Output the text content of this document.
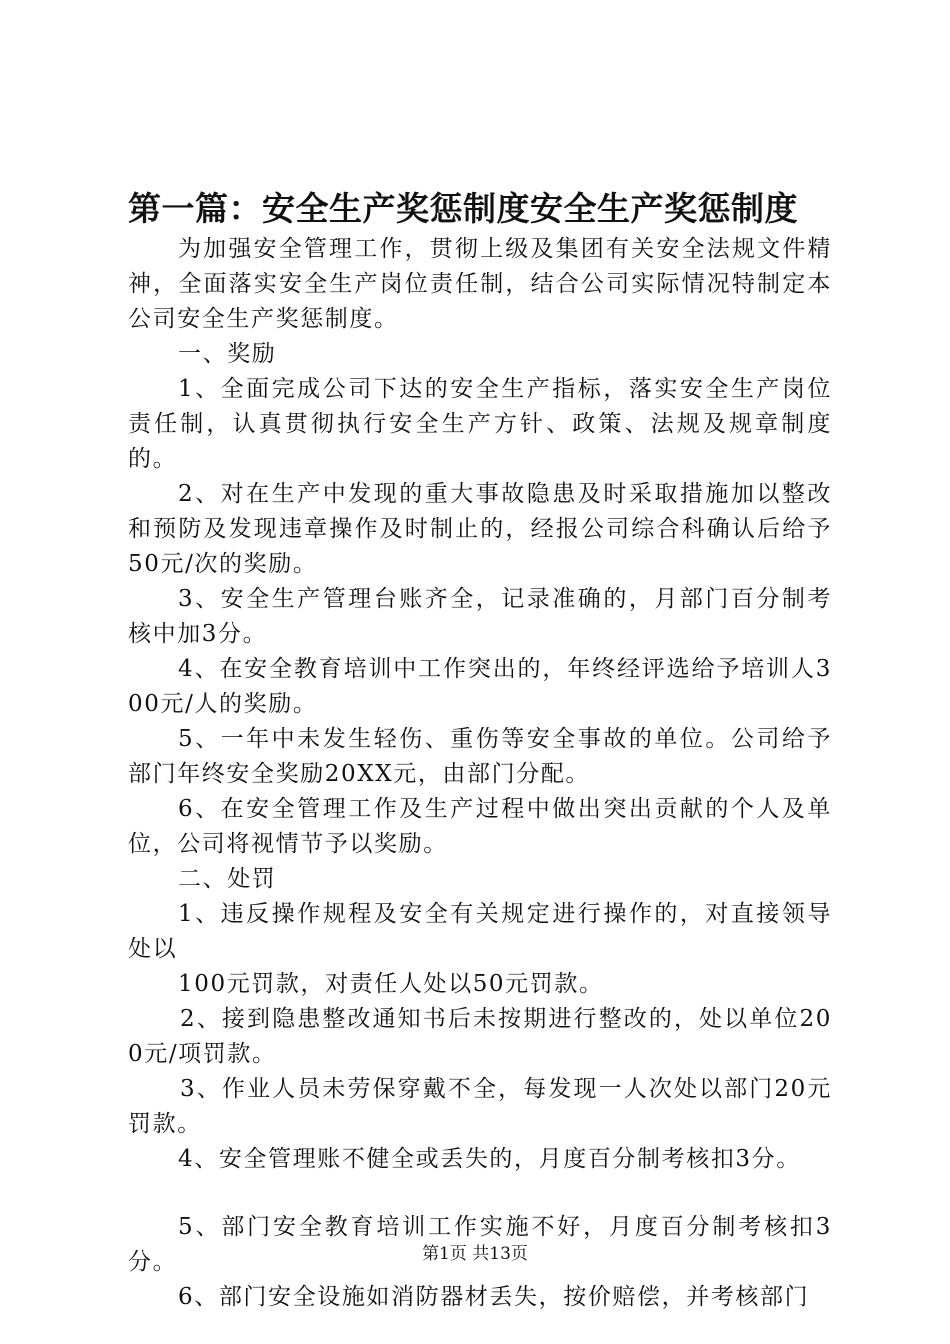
第一篇：安全生产奖惩制度安全生产奖惩制度

为加强安全管理工作，贯彻上级及集团有关安全法规文件精神，全面落实安全生产岗位责任制，结合公司实际情况特制定本公司安全生产奖惩制度。

一、奖励

1、全面完成公司下达的安全生产指标，落实安全生产岗位责任制，认真贯彻执行安全生产方针、政策、法规及规章制度的。

2、对在生产中发现的重大事故隐患及时采取措施加以整改和预防及发现违章操作及时制止的，经报公司综合科确认后给予50元/次的奖励。

3、安全生产管理台账齐全，记录准确的，月部门百分制考核中加3分。

4、在安全教育培训中工作突出的，年终经评选给予培训人300元/人的奖励。

5、一年中未发生轻伤、重伤等安全事故的单位。公司给予部门年终安全奖励20XX元，由部门分配。

6、在安全管理工作及生产过程中做出突出贡献的个人及单位，公司将视情节予以奖励。

二、处罚

1、违反操作规程及安全有关规定进行操作的，对直接领导处以

100元罚款，对责任人处以50元罚款。

2、接到隐患整改通知书后未按期进行整改的，处以单位200元/项罚款。

3、作业人员未劳保穿戴不全，每发现一人次处以部门20元罚款。

4、安全管理账不健全或丢失的，月度百分制考核扣3分。

5、部门安全教育培训工作实施不好，月度百分制考核扣3分。

6、部门安全设施如消防器材丢失，按价赔偿，并考核部门

第1页 共13页
